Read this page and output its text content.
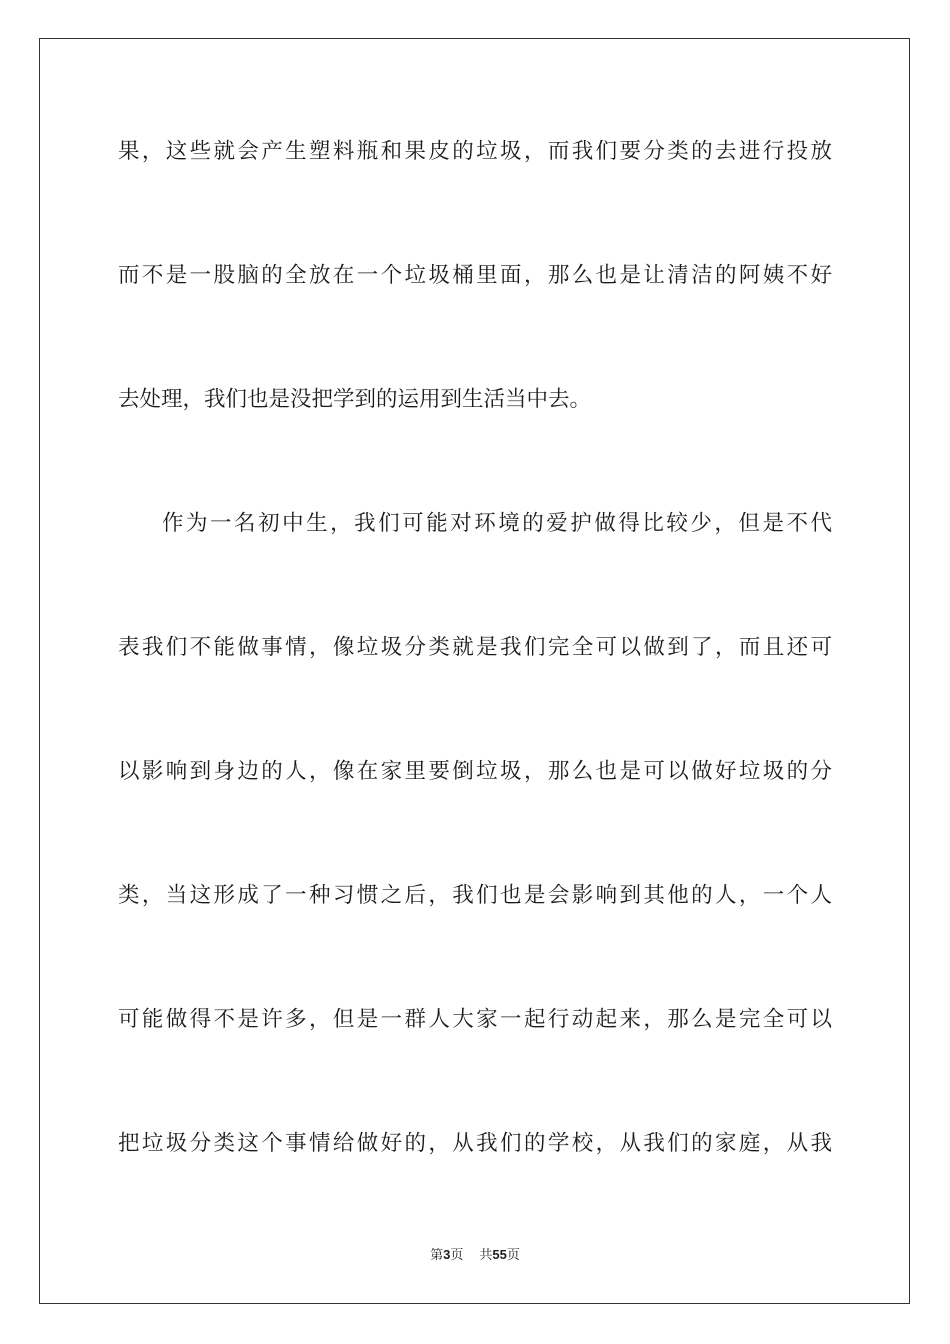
果，这些就会产生塑料瓶和果皮的垃圾，而我们要分类的去进行投放
而不是一股脑的全放在一个垃圾桶里面，那么也是让清洁的阿姨不好
去处理，我们也是没把学到的运用到生活当中去。
作为一名初中生，我们可能对环境的爱护做得比较少，但是不代
表我们不能做事情，像垃圾分类就是我们完全可以做到了，而且还可
以影响到身边的人，像在家里要倒垃圾，那么也是可以做好垃圾的分
类，当这形成了一种习惯之后，我们也是会影响到其他的人，一个人
可能做得不是许多，但是一群人大家一起行动起来，那么是完全可以
把垃圾分类这个事情给做好的，从我们的学校，从我们的家庭，从我
第3页 共55页
